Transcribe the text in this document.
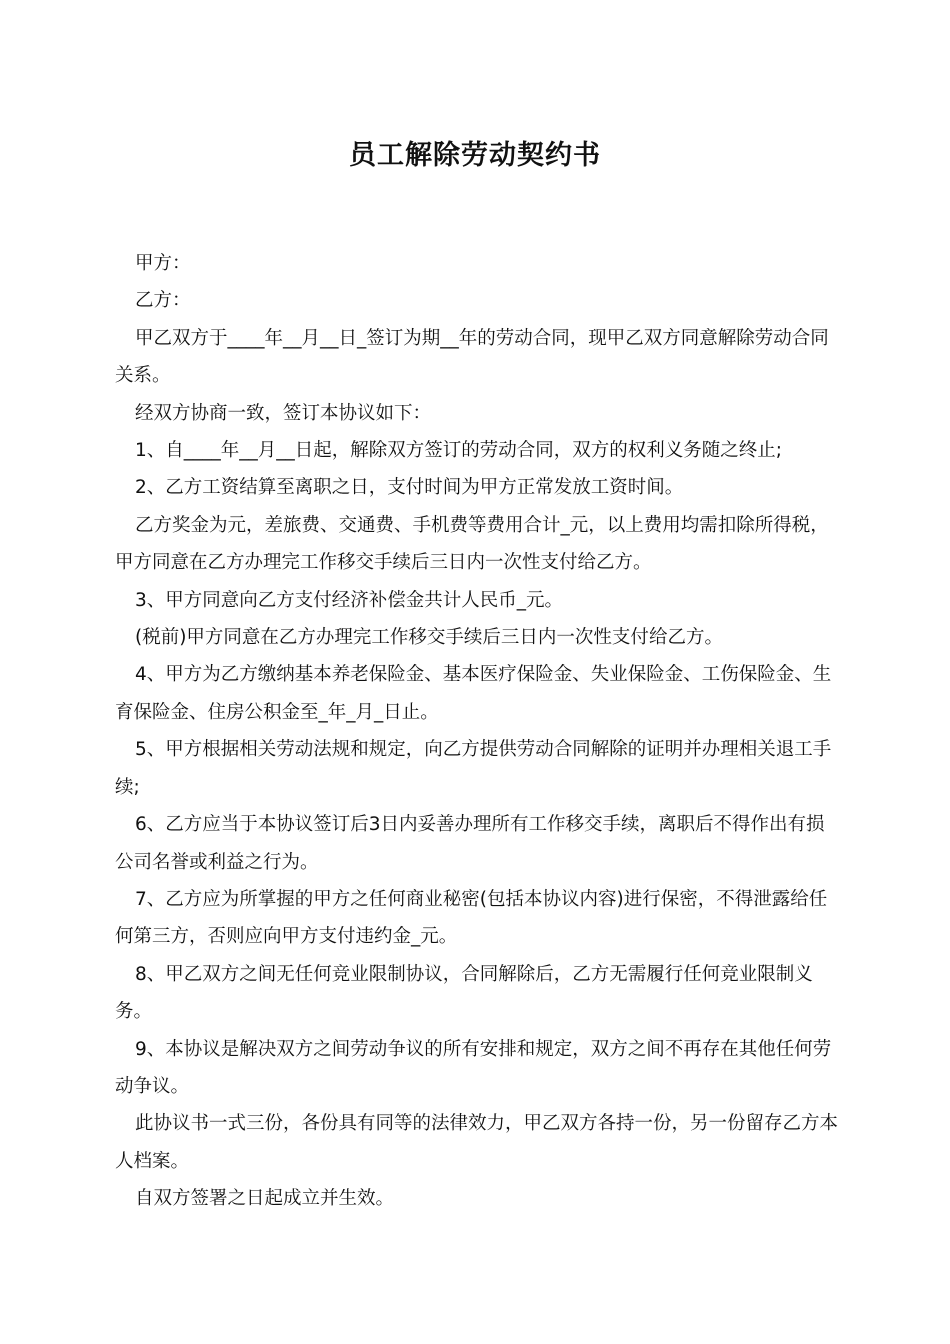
员工解除劳动契约书

甲方：

乙方：

甲乙双方于____年__月__日_签订为期__年的劳动合同，现甲乙双方同意解除劳动合同关系。

经双方协商一致，签订本协议如下：

1、自____年__月__日起，解除双方签订的劳动合同，双方的权利义务随之终止;

2、乙方工资结算至离职之日，支付时间为甲方正常发放工资时间。

乙方奖金为元，差旅费、交通费、手机费等费用合计_元，以上费用均需扣除所得税，甲方同意在乙方办理完工作移交手续后三日内一次性支付给乙方。

3、甲方同意向乙方支付经济补偿金共计人民币_元。

(税前)甲方同意在乙方办理完工作移交手续后三日内一次性支付给乙方。

4、甲方为乙方缴纳基本养老保险金、基本医疗保险金、失业保险金、工伤保险金、生育保险金、住房公积金至_年_月_日止。

5、甲方根据相关劳动法规和规定，向乙方提供劳动合同解除的证明并办理相关退工手续;

6、乙方应当于本协议签订后3日内妥善办理所有工作移交手续，离职后不得作出有损公司名誉或利益之行为。

7、乙方应为所掌握的甲方之任何商业秘密(包括本协议内容)进行保密，不得泄露给任何第三方，否则应向甲方支付违约金_元。

8、甲乙双方之间无任何竞业限制协议，合同解除后，乙方无需履行任何竞业限制义务。

9、本协议是解决双方之间劳动争议的所有安排和规定，双方之间不再存在其他任何劳动争议。

此协议书一式三份，各份具有同等的法律效力，甲乙双方各持一份，另一份留存乙方本人档案。

自双方签署之日起成立并生效。
